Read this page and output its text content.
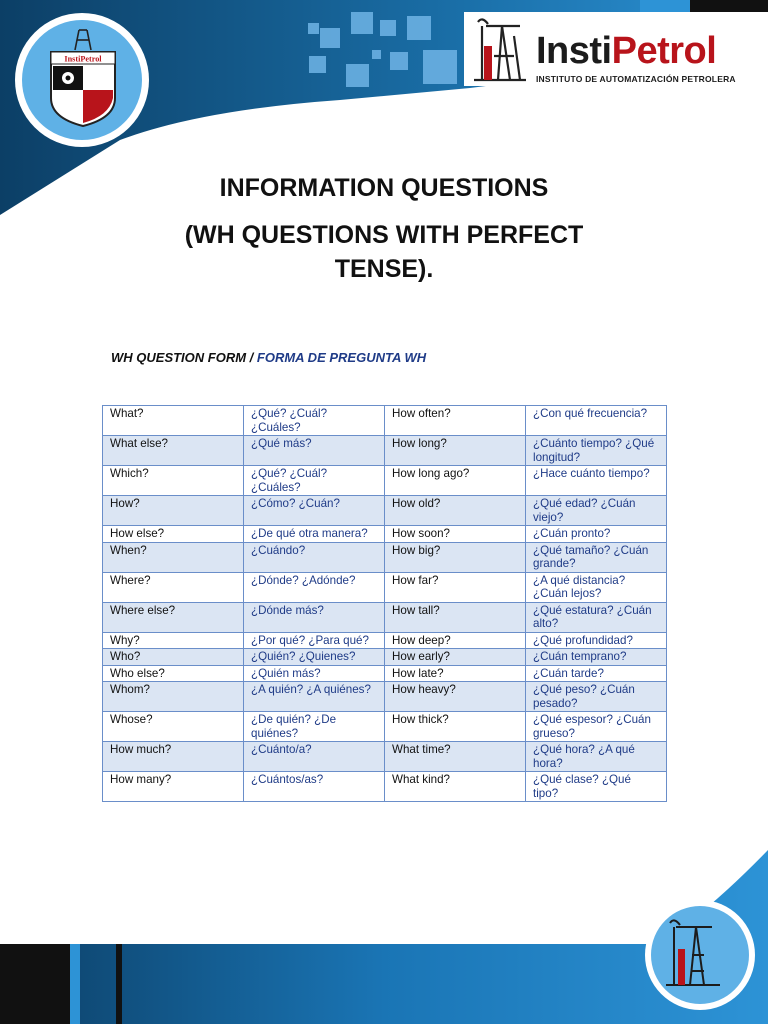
InstiPetrol	InstiPetrol
INSTITUTO DE AUTOMATIZACIÓN PETROLERA
INFORMATION QUESTIONS
(WH QUESTIONS WITH PERFECT TENSE).
WH QUESTION FORM / FORMA DE PREGUNTA WH
What?	¿Qué? ¿Cuál? ¿Cuáles?	How often?	¿Con qué frecuencia?
What else?	¿Qué más?	How long?	¿Cuánto tiempo? ¿Qué longitud?
Which?	¿Qué? ¿Cuál? ¿Cuáles?	How long ago?	¿Hace cuánto tiempo?
How?	¿Cómo? ¿Cuán?	How old?	¿Qué edad? ¿Cuán viejo?
How else?	¿De qué otra manera?	How soon?	¿Cuán pronto?
When?	¿Cuándo?	How big?	¿Qué tamaño? ¿Cuán grande?
Where?	¿Dónde? ¿Adónde?	How far?	¿A qué distancia? ¿Cuán lejos?
Where else?	¿Dónde más?	How tall?	¿Qué estatura? ¿Cuán alto?
Why?	¿Por qué? ¿Para qué?	How deep?	¿Qué profundidad?
Who?	¿Quién? ¿Quienes?	How early?	¿Cuán temprano?
Who else?	¿Quién más?	How late?	¿Cuán tarde?
Whom?	¿A quién? ¿A quiénes?	How heavy?	¿Qué peso? ¿Cuán pesado?
Whose?	¿De quién? ¿De quiénes?	How thick?	¿Qué espesor? ¿Cuán grueso?
How much?	¿Cuánto/a?	What time?	¿Qué hora? ¿A qué hora?
How many?	¿Cuántos/as?	What kind?	¿Qué clase? ¿Qué tipo?
